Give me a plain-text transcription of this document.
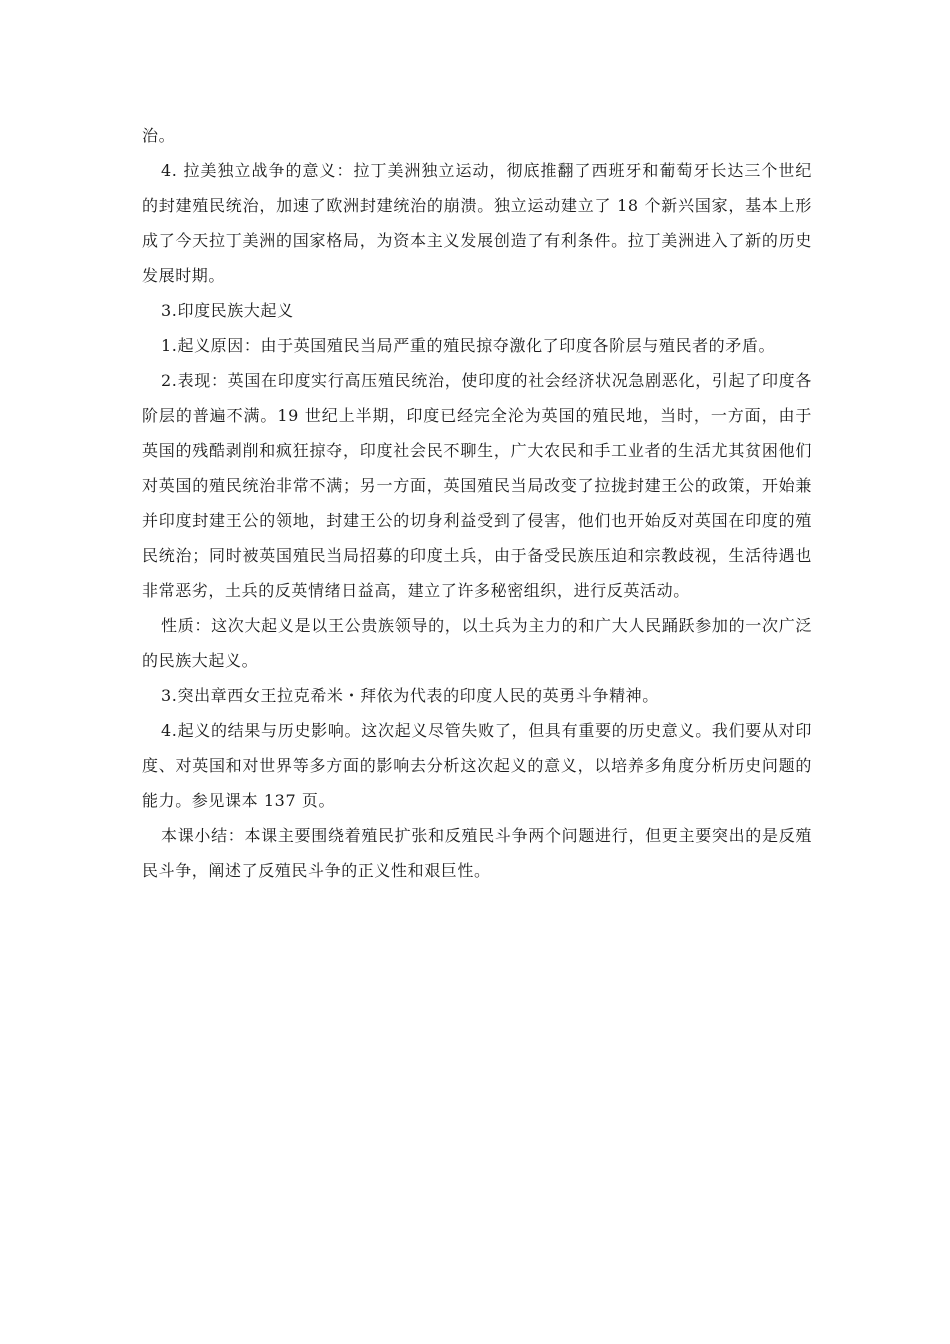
治。

4. 拉美独立战争的意义：拉丁美洲独立运动，彻底推翻了西班牙和葡萄牙长达三个世纪的封建殖民统治，加速了欧洲封建统治的崩溃。独立运动建立了 18 个新兴国家，基本上形成了今天拉丁美洲的国家格局，为资本主义发展创造了有利条件。拉丁美洲进入了新的历史发展时期。

3.印度民族大起义

1.起义原因：由于英国殖民当局严重的殖民掠夺激化了印度各阶层与殖民者的矛盾。

2.表现：英国在印度实行高压殖民统治，使印度的社会经济状况急剧恶化，引起了印度各阶层的普遍不满。19 世纪上半期，印度已经完全沦为英国的殖民地，当时，一方面，由于英国的残酷剥削和疯狂掠夺，印度社会民不聊生，广大农民和手工业者的生活尤其贫困他们对英国的殖民统治非常不满；另一方面，英国殖民当局改变了拉拢封建王公的政策，开始兼并印度封建王公的领地，封建王公的切身利益受到了侵害，他们也开始反对英国在印度的殖民统治；同时被英国殖民当局招募的印度土兵，由于备受民族压迫和宗教歧视，生活待遇也非常恶劣，土兵的反英情绪日益高，建立了许多秘密组织，进行反英活动。

性质：这次大起义是以王公贵族领导的，以土兵为主力的和广大人民踊跃参加的一次广泛的民族大起义。

3.突出章西女王拉克希米・拜依为代表的印度人民的英勇斗争精神。

4.起义的结果与历史影响。这次起义尽管失败了，但具有重要的历史意义。我们要从对印度、对英国和对世界等多方面的影响去分析这次起义的意义，以培养多角度分析历史问题的能力。参见课本 137 页。

本课小结：本课主要围绕着殖民扩张和反殖民斗争两个问题进行，但更主要突出的是反殖民斗争，阐述了反殖民斗争的正义性和艰巨性。
